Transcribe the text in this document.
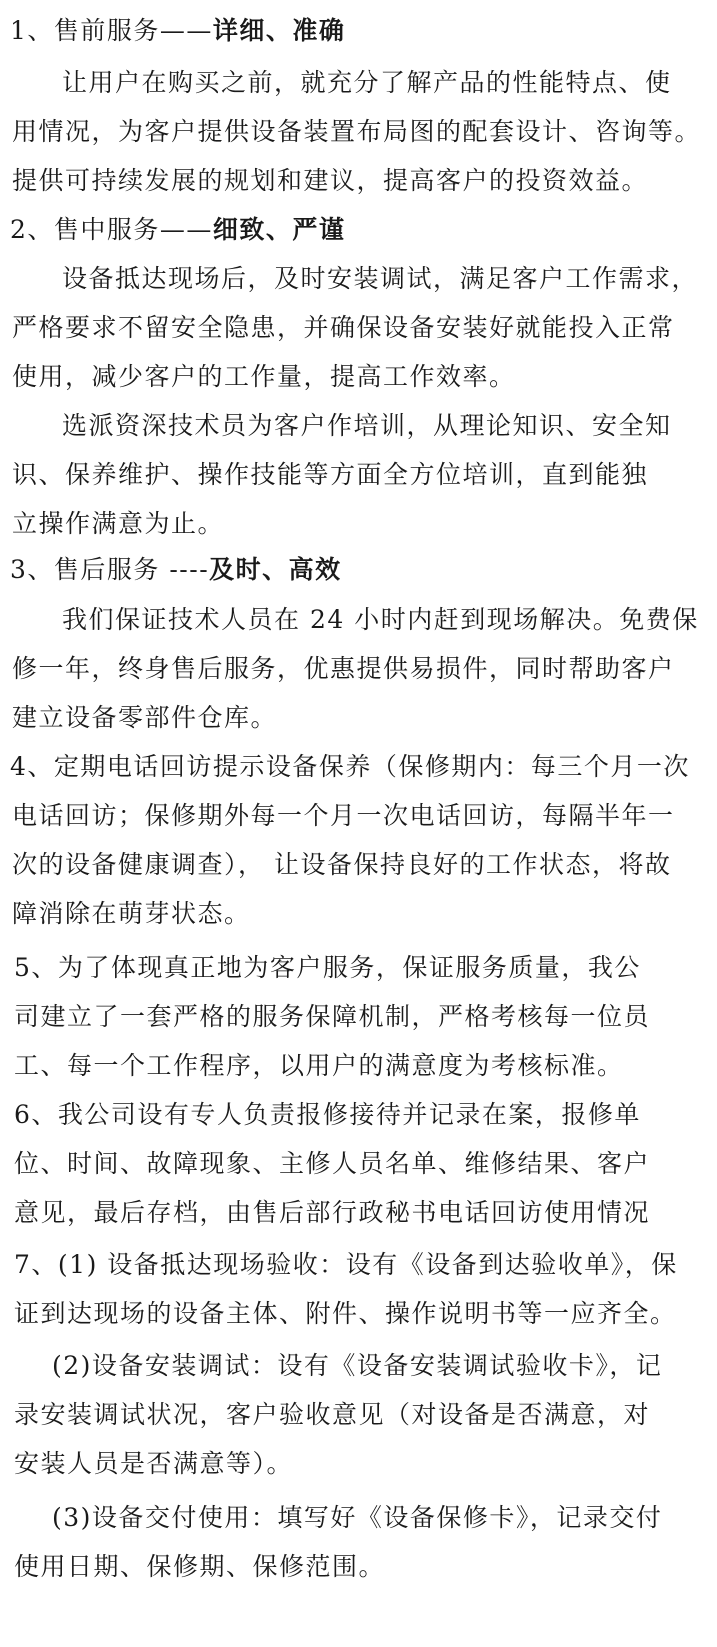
1、售前服务——详细、准确
让用户在购买之前，就充分了解产品的性能特点、使
用情况，为客户提供设备装置布局图的配套设计、咨询等。
提供可持续发展的规划和建议，提高客户的投资效益。
2、售中服务——细致、严谨
设备抵达现场后，及时安装调试，满足客户工作需求，
严格要求不留安全隐患，并确保设备安装好就能投入正常
使用，减少客户的工作量，提高工作效率。
选派资深技术员为客户作培训，从理论知识、安全知
识、保养维护、操作技能等方面全方位培训，直到能独
立操作满意为止。
3、售后服务 ----及时、高效
我们保证技术人员在 24 小时内赶到现场解决。免费保
修一年，终身售后服务，优惠提供易损件，同时帮助客户
建立设备零部件仓库。
4、定期电话回访提示设备保养（保修期内：每三个月一次
电话回访；保修期外每一个月一次电话回访，每隔半年一
次的设备健康调查）， 让设备保持良好的工作状态，将故
障消除在萌芽状态。
5、为了体现真正地为客户服务，保证服务质量，我公
司建立了一套严格的服务保障机制，严格考核每一位员
工、每一个工作程序，以用户的满意度为考核标准。
6、我公司设有专人负责报修接待并记录在案，报修单
位、时间、故障现象、主修人员名单、维修结果、客户
意见，最后存档，由售后部行政秘书电话回访使用情况
7、(1) 设备抵达现场验收：设有《设备到达验收单》，保
证到达现场的设备主体、附件、操作说明书等一应齐全。
(2)设备安装调试：设有《设备安装调试验收卡》，记
录安装调试状况，客户验收意见（对设备是否满意，对
安装人员是否满意等）。
(3)设备交付使用：填写好《设备保修卡》，记录交付
使用日期、保修期、保修范围。
